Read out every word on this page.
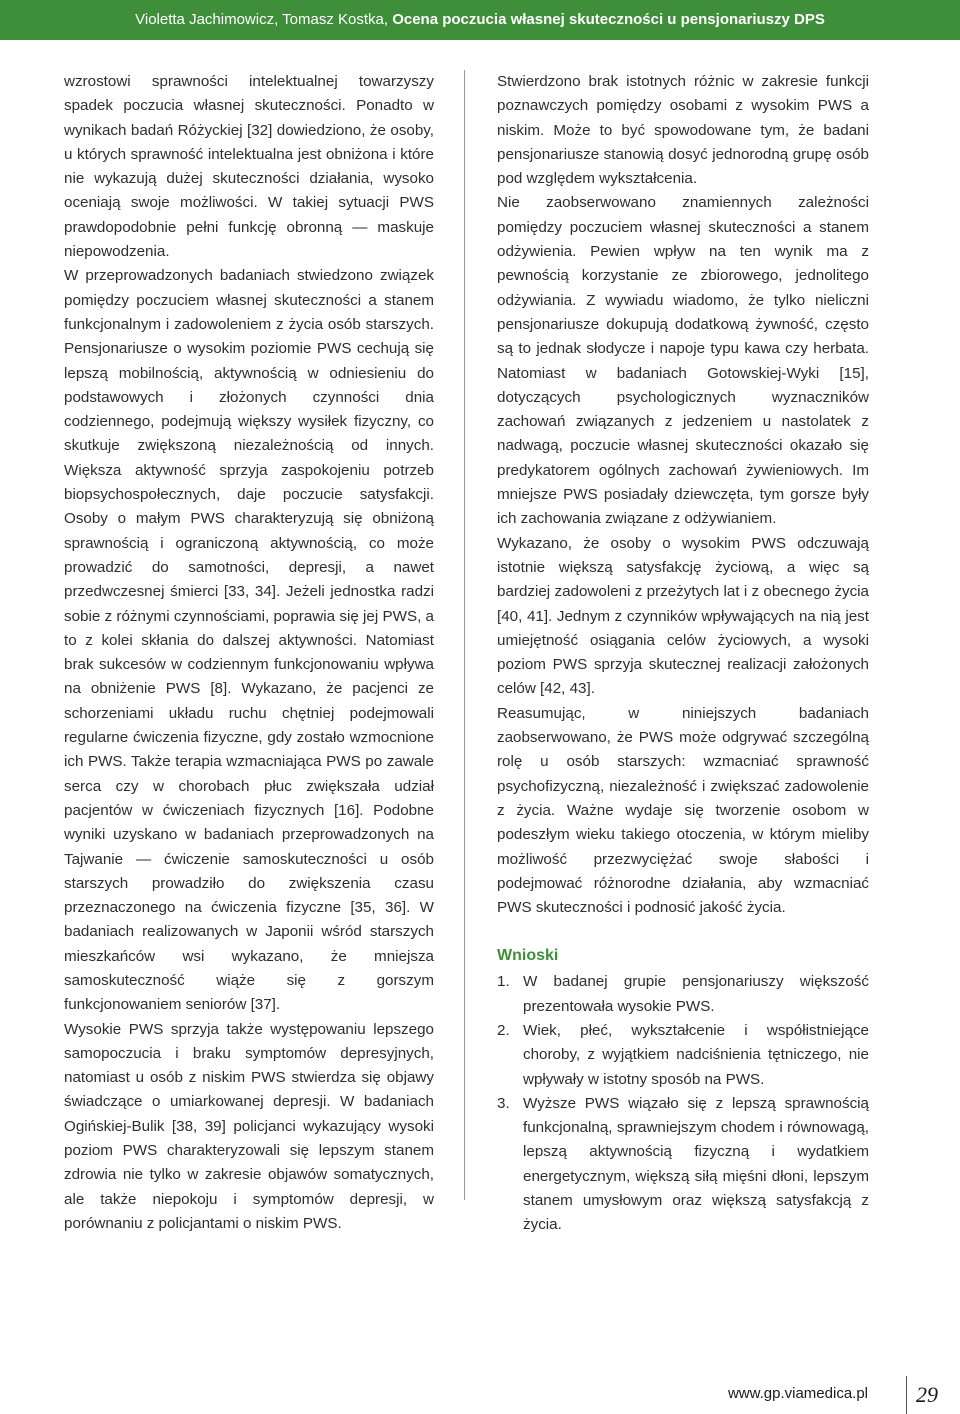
Violetta Jachimowicz, Tomasz Kostka, Ocena poczucia własnej skuteczności u pensjonariuszy DPS

wzrostowi sprawności intelektualnej towarzyszy spadek poczucia własnej skuteczności. Ponadto w wynikach badań Różyckiej [32] dowiedziono, że osoby, u których sprawność intelektualna jest obniżona i które nie wykazują dużej skuteczności działania, wysoko oceniają swoje możliwości. W takiej sytuacji PWS prawdopodobnie pełni funkcję obronną — maskuje niepowodzenia.

W przeprowadzonych badaniach stwiedzono związek pomiędzy poczuciem własnej skuteczności a stanem funkcjonalnym i zadowoleniem z życia osób starszych. Pensjonariusze o wysokim poziomie PWS cechują się lepszą mobilnością, aktywnością w odniesieniu do podstawowych i złożonych czynności dnia codziennego, podejmują większy wysiłek fizyczny, co skutkuje zwiększoną niezależnością od innych. Większa aktywność sprzyja zaspokojeniu potrzeb biopsychospołecznych, daje poczucie satysfakcji. Osoby o małym PWS charakteryzują się obniżoną sprawnością i ograniczoną aktywnością, co może prowadzić do samotności, depresji, a nawet przedwczesnej śmierci [33, 34]. Jeżeli jednostka radzi sobie z różnymi czynnościami, poprawia się jej PWS, a to z kolei skłania do dalszej aktywności. Natomiast brak sukcesów w codziennym funkcjonowaniu wpływa na obniżenie PWS [8]. Wykazano, że pacjenci ze schorzeniami układu ruchu chętniej podejmowali regularne ćwiczenia fizyczne, gdy zostało wzmocnione ich PWS. Także terapia wzmacniająca PWS po zawale serca czy w chorobach płuc zwiększała udział pacjentów w ćwiczeniach fizycznych [16]. Podobne wyniki uzyskano w badaniach przeprowadzonych na Tajwanie — ćwiczenie samoskuteczności u osób starszych prowadziło do zwiększenia czasu przeznaczonego na ćwiczenia fizyczne [35, 36]. W badaniach realizowanych w Japonii wśród starszych mieszkańców wsi wykazano, że mniejsza samoskuteczność wiąże się z gorszym funkcjonowaniem seniorów [37].

Wysokie PWS sprzyja także występowaniu lepszego samopoczucia i braku symptomów depresyjnych, natomiast u osób z niskim PWS stwierdza się objawy świadczące o umiarkowanej depresji. W badaniach Ogińskiej-Bulik [38, 39] policjanci wykazujący wysoki poziom PWS charakteryzowali się lepszym stanem zdrowia nie tylko w zakresie objawów somatycznych, ale także niepokoju i symptomów depresji, w porównaniu z policjantami o niskim PWS.

Stwierdzono brak istotnych różnic w zakresie funkcji poznawczych pomiędzy osobami z wysokim PWS a niskim. Może to być spowodowane tym, że badani pensjonariusze stanowią dosyć jednorodną grupę osób pod względem wykształcenia.

Nie zaobserwowano znamiennych zależności pomiędzy poczuciem własnej skuteczności a stanem odżywienia. Pewien wpływ na ten wynik ma z pewnością korzystanie ze zbiorowego, jednolitego odżywiania. Z wywiadu wiadomo, że tylko nieliczni pensjonariusze dokupują dodatkową żywność, często są to jednak słodycze i napoje typu kawa czy herbata. Natomiast w badaniach Gotowskiej-Wyki [15], dotyczących psychologicznych wyznaczników zachowań związanych z jedzeniem u nastolatek z nadwagą, poczucie własnej skuteczności okazało się predykatorem ogólnych zachowań żywieniowych. Im mniejsze PWS posiadały dziewczęta, tym gorsze były ich zachowania związane z odżywianiem.

Wykazano, że osoby o wysokim PWS odczuwają istotnie większą satysfakcję życiową, a więc są bardziej zadowoleni z przeżytych lat i z obecnego życia [40, 41]. Jednym z czynników wpływających na nią jest umiejętność osiągania celów życiowych, a wysoki poziom PWS sprzyja skutecznej realizacji założonych celów [42, 43].

Reasumując, w niniejszych badaniach zaobserwowano, że PWS może odgrywać szczególną rolę u osób starszych: wzmacniać sprawność psychofizyczną, niezależność i zwiększać zadowolenie z życia. Ważne wydaje się tworzenie osobom w podeszłym wieku takiego otoczenia, w którym mieliby możliwość przezwyciężać swoje słabości i podejmować różnorodne działania, aby wzmacniać PWS skuteczności i podnosić jakość życia.

Wnioski
1. W badanej grupie pensjonariuszy większość prezentowała wysokie PWS.
2. Wiek, płeć, wykształcenie i współistniejące choroby, z wyjątkiem nadciśnienia tętniczego, nie wpływały w istotny sposób na PWS.
3. Wyższe PWS wiązało się z lepszą sprawnością funkcjonalną, sprawniejszym chodem i równowagą, lepszą aktywnością fizyczną i wydatkiem energetycznym, większą siłą mięśni dłoni, lepszym stanem umysłowym oraz większą satysfakcją z życia.
www.gp.viamedica.pl 29
